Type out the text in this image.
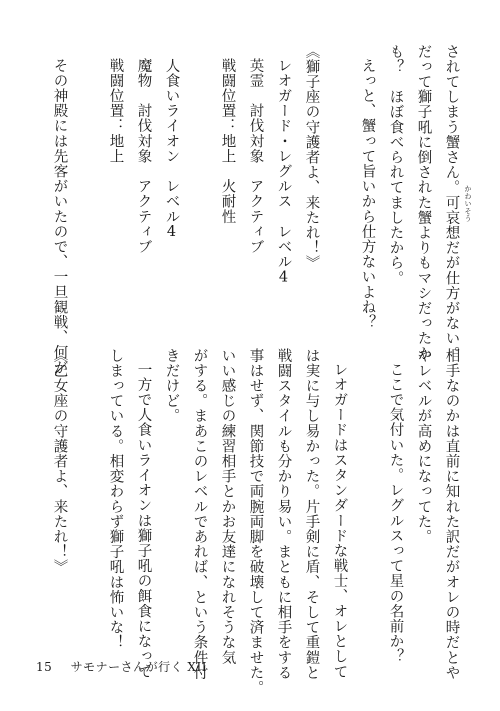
されてしまう蟹さん。可哀想だが仕方がない。
だって獅子吼に倒された蟹よりもマシだったか
も？　ほぼ食べられてましたから。
えっと、蟹って旨いから仕方ないよね？
《獅子座の守護者よ、来たれ！》
レオガード・レグルス　レベル4
英霊　討伐対象　アクティブ
戦闘位置：地上　火耐性
人食いライオン　レベル4
魔物　討伐対象　アクティブ
戦闘位置：地上
その神殿には先客がいたので、一旦観戦、何が
相手なのかは直前に知れた訳だがオレの時だとや
やレベルが高めになってた。
ここで気付いた。レグルスって星の名前か？
レオガードはスタンダードな戦士、オレとして
は実に与し易かった。片手剣に盾、そして重鎧と
戦闘スタイルも分かり易い。まともに相手をする
事はせず、関節技で両腕両脚を破壊して済ませた。
いい感じの練習相手とかお友達になれそうな気
がする。まあこのレベルであれば、という条件付
きだけど。
一方で人食いライオンは獅子吼の餌食になって
しまっている。相変わらず獅子吼は怖いな！
《乙女座の守護者よ、来たれ！》
かわいそう
15 サモナーさんが行く XII
